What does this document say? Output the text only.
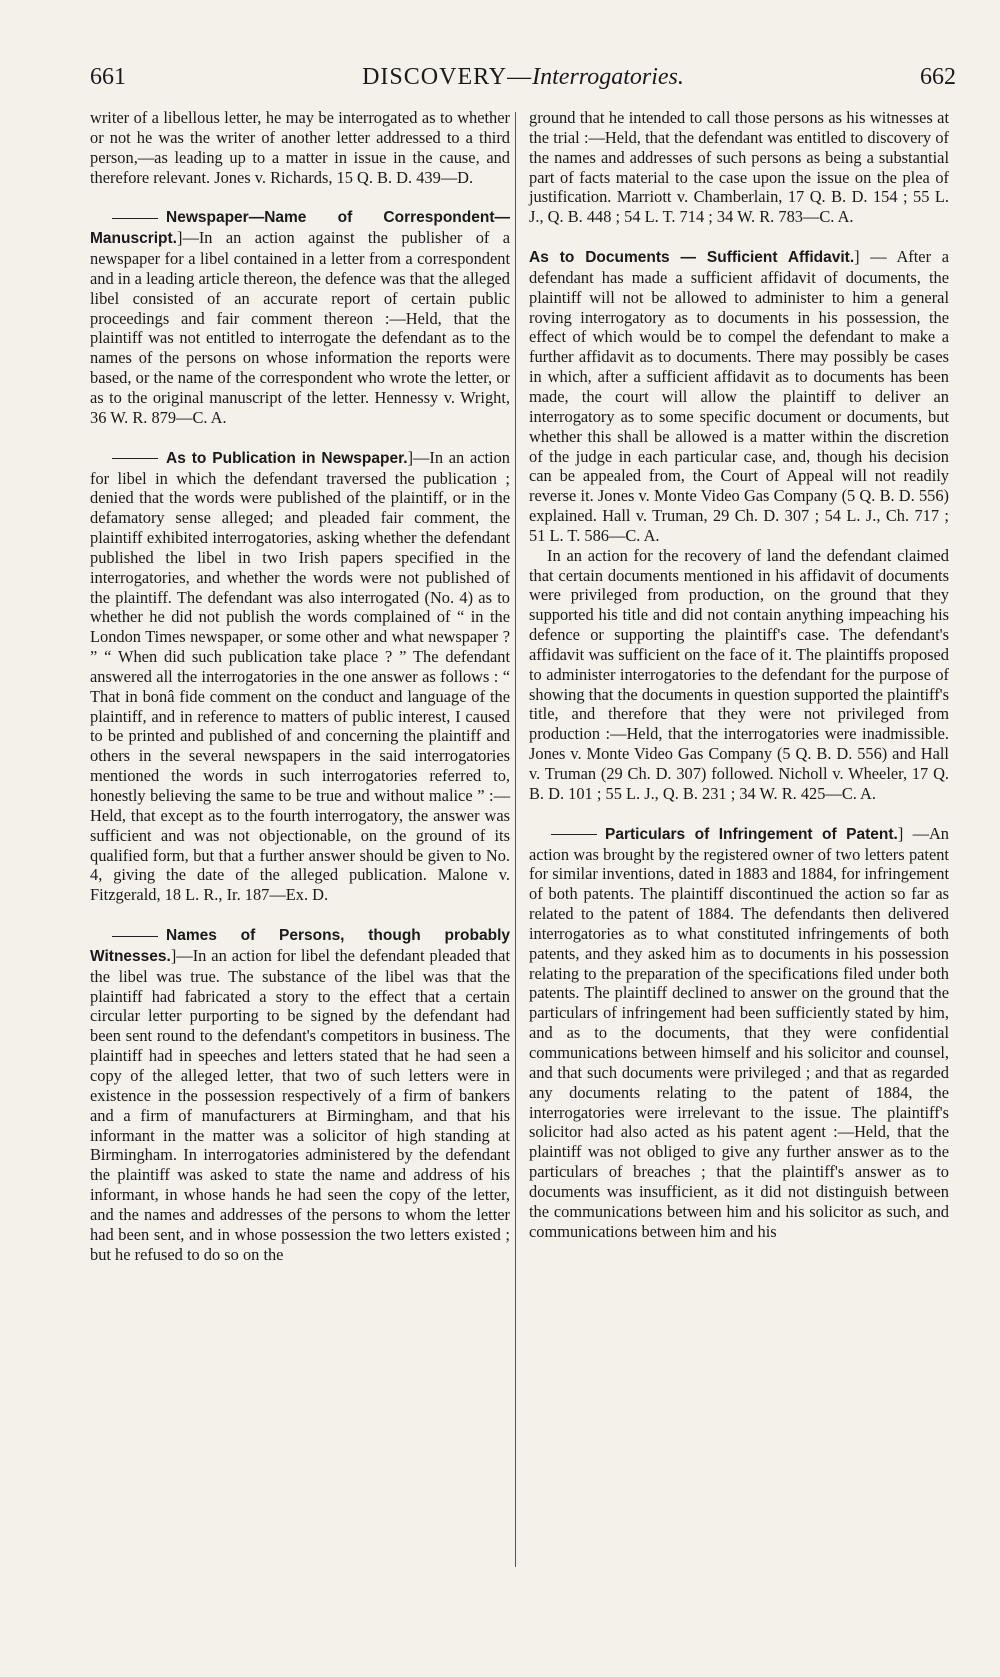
661	DISCOVERY—Interrogatories.	662

writer of a libellous letter, he may be interrogated as to whether or not he was the writer of another letter addressed to a third person,—as leading up to a matter in issue in the cause, and therefore relevant. Jones v. Richards, 15 Q. B. D. 439—D.

Newspaper—Name of Correspondent—Manuscript.]—In an action against the publisher of a newspaper for a libel contained in a letter from a correspondent and in a leading article thereon, the defence was that the alleged libel consisted of an accurate report of certain public proceedings and fair comment thereon :—Held, that the plaintiff was not entitled to interrogate the defendant as to the names of the persons on whose information the reports were based, or the name of the correspondent who wrote the letter, or as to the original manuscript of the letter. Hennessy v. Wright, 36 W. R. 879—C. A.

As to Publication in Newspaper.]—In an action for libel in which the defendant traversed the publication ; denied that the words were published of the plaintiff, or in the defamatory sense alleged; and pleaded fair comment, the plaintiff exhibited interrogatories, asking whether the defendant published the libel in two Irish papers specified in the interrogatories, and whether the words were not published of the plaintiff. The defendant was also interrogated (No. 4) as to whether he did not publish the words complained of “ in the London Times newspaper, or some other and what newspaper ? ” “ When did such publication take place ? ” The defendant answered all the interrogatories in the one answer as follows : “ That in bonâ fide comment on the conduct and language of the plaintiff, and in reference to matters of public interest, I caused to be printed and published of and concerning the plaintiff and others in the several newspapers in the said interrogatories mentioned the words in such interrogatories referred to, honestly believing the same to be true and without malice ” :—Held, that except as to the fourth interrogatory, the answer was sufficient and was not objectionable, on the ground of its qualified form, but that a further answer should be given to No. 4, giving the date of the alleged publication. Malone v. Fitzgerald, 18 L. R., Ir. 187—Ex. D.

Names of Persons, though probably Witnesses.]—In an action for libel the defendant pleaded that the libel was true. The substance of the libel was that the plaintiff had fabricated a story to the effect that a certain circular letter purporting to be signed by the defendant had been sent round to the defendant's competitors in business. The plaintiff had in speeches and letters stated that he had seen a copy of the alleged letter, that two of such letters were in existence in the possession respectively of a firm of bankers and a firm of manufacturers at Birmingham, and that his informant in the matter was a solicitor of high standing at Birmingham. In interrogatories administered by the defendant the plaintiff was asked to state the name and address of his informant, in whose hands he had seen the copy of the letter, and the names and addresses of the persons to whom the letter had been sent, and in whose possession the two letters existed ; but he refused to do so on the

ground that he intended to call those persons as his witnesses at the trial :—Held, that the defendant was entitled to discovery of the names and addresses of such persons as being a substantial part of facts material to the case upon the issue on the plea of justification. Marriott v. Chamberlain, 17 Q. B. D. 154 ; 55 L. J., Q. B. 448 ; 54 L. T. 714 ; 34 W. R. 783—C. A.

As to Documents — Sufficient Affidavit.] — After a defendant has made a sufficient affidavit of documents, the plaintiff will not be allowed to administer to him a general roving interrogatory as to documents in his possession, the effect of which would be to compel the defendant to make a further affidavit as to documents. There may possibly be cases in which, after a sufficient affidavit as to documents has been made, the court will allow the plaintiff to deliver an interrogatory as to some specific document or documents, but whether this shall be allowed is a matter within the discretion of the judge in each particular case, and, though his decision can be appealed from, the Court of Appeal will not readily reverse it. Jones v. Monte Video Gas Company (5 Q. B. D. 556) explained. Hall v. Truman, 29 Ch. D. 307 ; 54 L. J., Ch. 717 ; 51 L. T. 586—C. A.

In an action for the recovery of land the defendant claimed that certain documents mentioned in his affidavit of documents were privileged from production, on the ground that they supported his title and did not contain anything impeaching his defence or supporting the plaintiff's case. The defendant's affidavit was sufficient on the face of it. The plaintiffs proposed to administer interrogatories to the defendant for the purpose of showing that the documents in question supported the plaintiff's title, and therefore that they were not privileged from production :—Held, that the interrogatories were inadmissible. Jones v. Monte Video Gas Company (5 Q. B. D. 556) and Hall v. Truman (29 Ch. D. 307) followed. Nicholl v. Wheeler, 17 Q. B. D. 101 ; 55 L. J., Q. B. 231 ; 34 W. R. 425—C. A.

Particulars of Infringement of Patent.] —An action was brought by the registered owner of two letters patent for similar inventions, dated in 1883 and 1884, for infringement of both patents. The plaintiff discontinued the action so far as related to the patent of 1884. The defendants then delivered interrogatories as to what constituted infringements of both patents, and they asked him as to documents in his possession relating to the preparation of the specifications filed under both patents. The plaintiff declined to answer on the ground that the particulars of infringement had been sufficiently stated by him, and as to the documents, that they were confidential communications between himself and his solicitor and counsel, and that such documents were privileged ; and that as regarded any documents relating to the patent of 1884, the interrogatories were irrelevant to the issue. The plaintiff's solicitor had also acted as his patent agent :—Held, that the plaintiff was not obliged to give any further answer as to the particulars of breaches ; that the plaintiff's answer as to documents was insufficient, as it did not distinguish between the communications between him and his solicitor as such, and communications between him and his
